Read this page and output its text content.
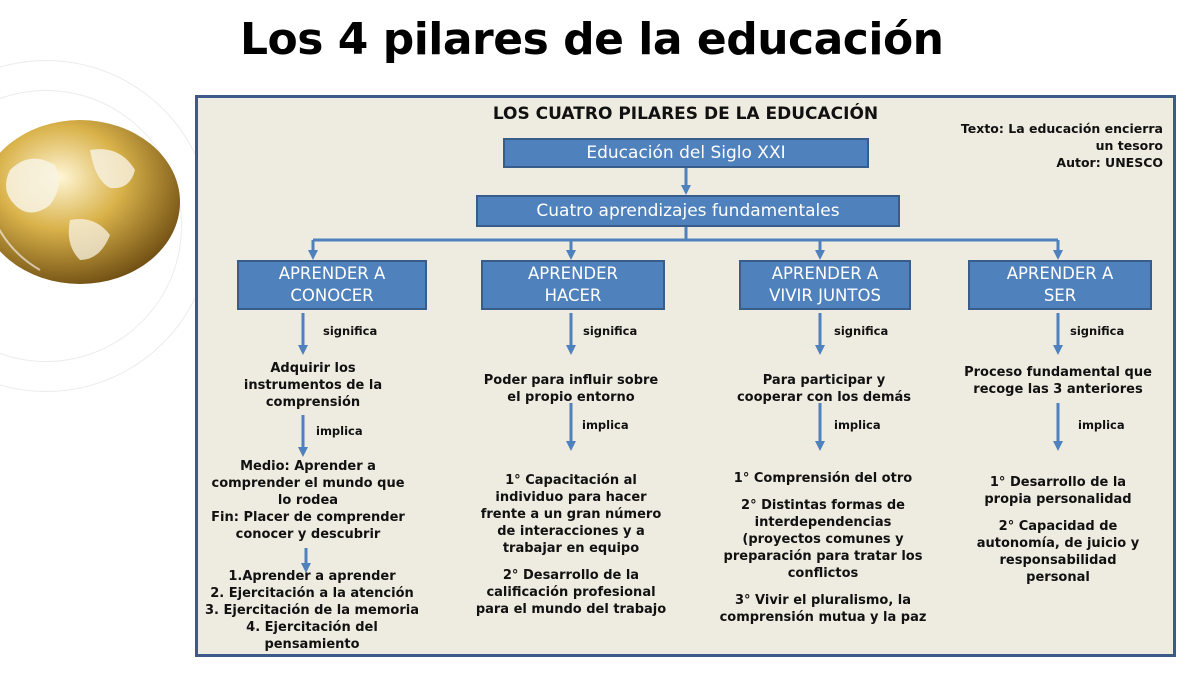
Los 4 pilares de la educación
LOS CUATRO PILARES DE LA EDUCACIÓN
Texto: La educación encierra
un tesoro
Autor: UNESCO
Educación del Siglo XXI
Cuatro aprendizajes fundamentales
APRENDER A
CONOCER
APRENDER
HACER
APRENDER A
VIVIR JUNTOS
APRENDER A
SER
significa	significa	significa	significa
implica	implica	implica	implica
Adquirir los
instrumentos de la
comprensión
Poder para influir sobre
el propio entorno
Para participar y
cooperar con los demás
Proceso fundamental que
recoge las 3 anteriores
Medio: Aprender a
comprender el mundo que
lo rodea
Fin: Placer de comprender
conocer y descubrir
1.Aprender a aprender
2. Ejercitación a la atención
3. Ejercitación de la memoria
4. Ejercitación del
pensamiento
1° Capacitación al
individuo para hacer
frente a un gran número
de interacciones y a
trabajar en equipo
2° Desarrollo de la
calificación profesional
para el mundo del trabajo
1° Comprensión del otro
2° Distintas formas de
interdependencias
(proyectos comunes y
preparación para tratar los
conflictos
3° Vivir el pluralismo, la
comprensión mutua y la paz
1° Desarrollo de la
propia personalidad
2° Capacidad de
autonomía, de juicio y
responsabilidad
personal
